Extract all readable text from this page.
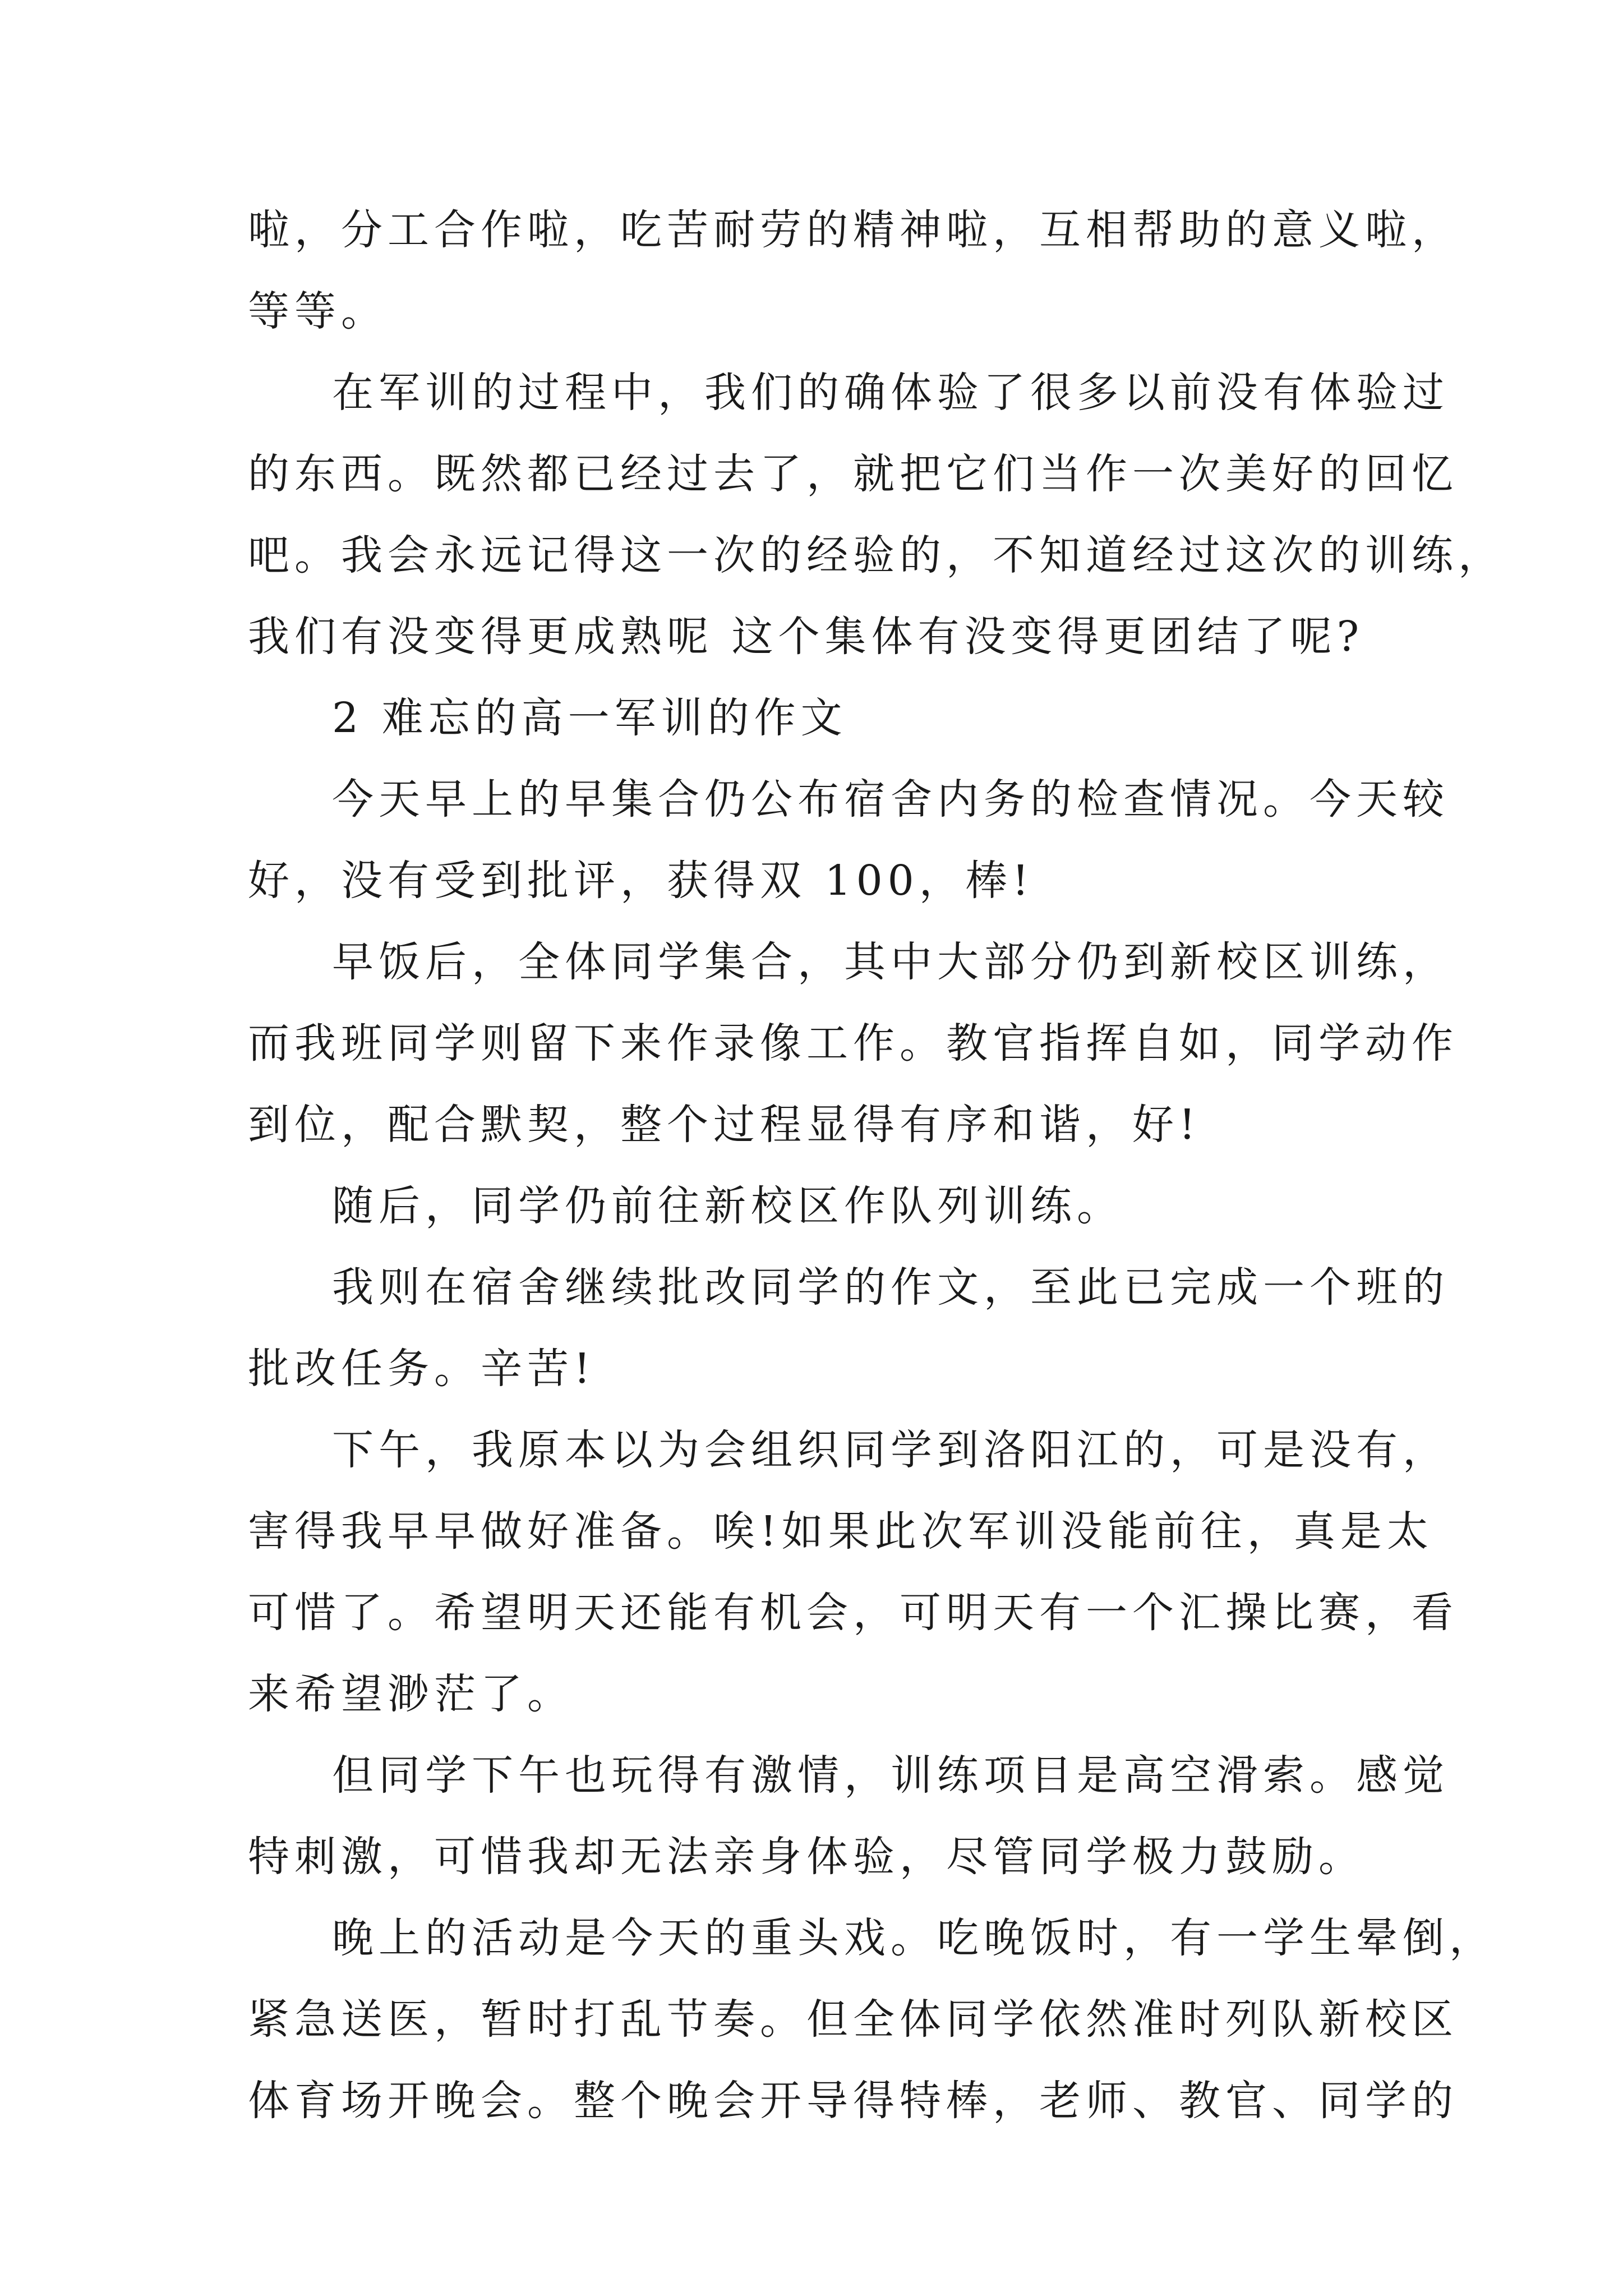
啦，分工合作啦，吃苦耐劳的精神啦，互相帮助的意义啦，
等等。
在军训的过程中，我们的确体验了很多以前没有体验过
的东西。既然都已经过去了，就把它们当作一次美好的回忆
吧。我会永远记得这一次的经验的，不知道经过这次的训练，
我们有没变得更成熟呢 这个集体有没变得更团结了呢?
2 难忘的高一军训的作文
今天早上的早集合仍公布宿舍内务的检查情况。今天较
好，没有受到批评，获得双 100，棒!
早饭后，全体同学集合，其中大部分仍到新校区训练，
而我班同学则留下来作录像工作。教官指挥自如，同学动作
到位，配合默契，整个过程显得有序和谐，好!
随后，同学仍前往新校区作队列训练。
我则在宿舍继续批改同学的作文，至此已完成一个班的
批改任务。辛苦!
下午，我原本以为会组织同学到洛阳江的，可是没有，
害得我早早做好准备。唉!如果此次军训没能前往，真是太
可惜了。希望明天还能有机会，可明天有一个汇操比赛，看
来希望渺茫了。
但同学下午也玩得有激情，训练项目是高空滑索。感觉
特刺激，可惜我却无法亲身体验，尽管同学极力鼓励。
晚上的活动是今天的重头戏。吃晚饭时，有一学生晕倒，
紧急送医，暂时打乱节奏。但全体同学依然准时列队新校区
体育场开晚会。整个晚会开导得特棒，老师、教官、同学的
